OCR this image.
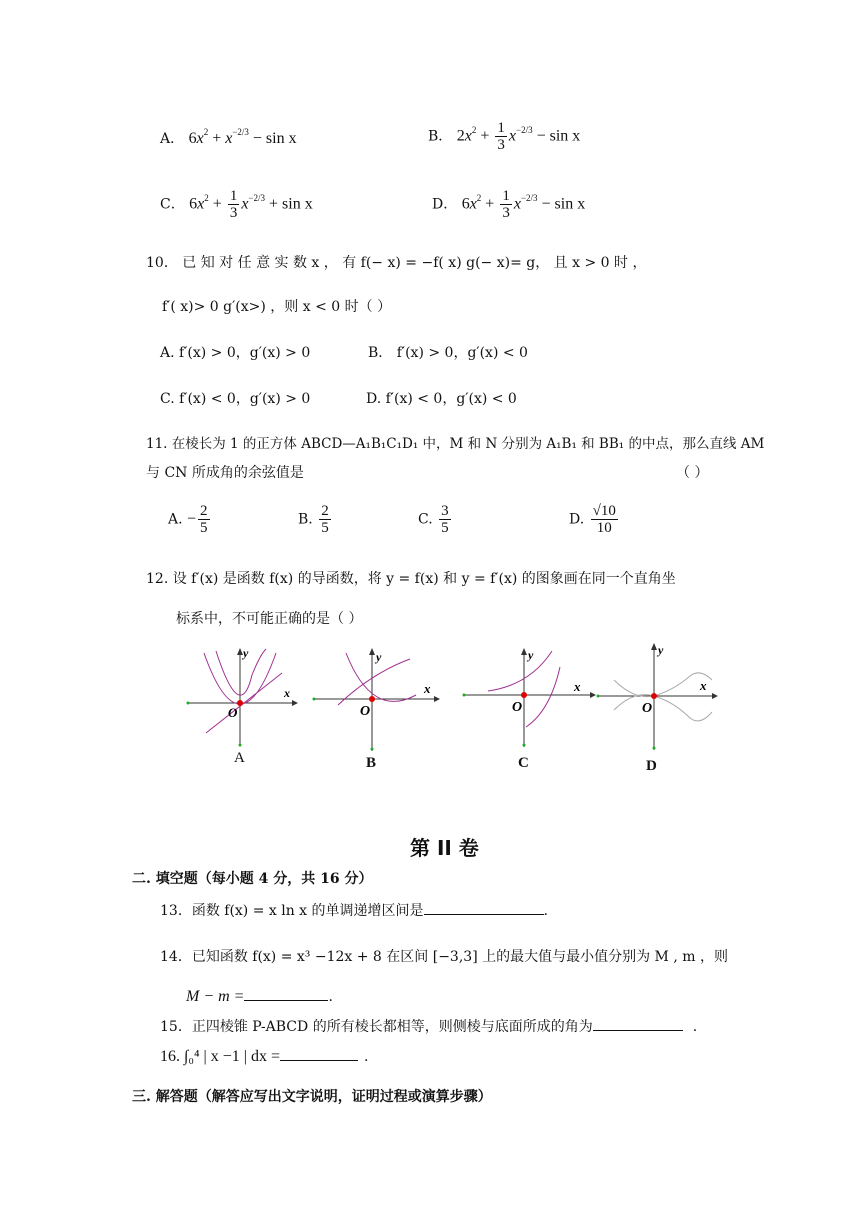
A． $6x^2 + x^{-2/3} - \sin x$	B． $2x^2 + \frac{1}{3} x^{-2/3} - \sin x$
C． $6x^2 + \frac{1}{3} x^{-2/3} + \sin x$	D． $6x^2 + \frac{1}{3} x^{-2/3} - \sin x$
10． 已 知 对 任 意 实 数 x ， 有 f(− x) = −f( x) g(− x)= g， 且 x > 0 时 ，
f′( x)> 0 g′(x>) ，则 x < 0 时（ ）
A. f′(x) > 0，g′(x) > 0	B． f′(x) > 0，g′(x) < 0
C. f′(x) < 0，g′(x) > 0	D. f′(x) < 0，g′(x) < 0
11. 在棱长为 1 的正方体 ABCD—A₁B₁C₁D₁ 中，M 和 N 分别为 A₁B₁ 和 BB₁ 的中点，那么直线 AM
与 CN 所成角的余弦值是	（ ）
A. − $\frac{2}{5}$	B. $\frac{2}{5}$	C. $\frac{3}{5}$	D. $\frac{√10}{10}$
12. 设 f′(x) 是函数 f(x) 的导函数，将 y = f(x) 和 y = f′(x) 的图象画在同一个直角坐
标系中，不可能正确的是（ ）
y
x
O
A
y
x
O
B
y
x
O
C
y
x
O
D
第 II 卷
二. 填空题（每小题 4 分，共 16 分）
13．函数 f(x) = x ln x 的单调递增区间是	.
14．已知函数 f(x) = x³ −12x + 8 在区间 [−3,3] 上的最大值与最小值分别为 M , m ，则
M − m =	.
15．正四棱锥 P-ABCD 的所有棱长都相等，则侧棱与底面所成的角为	.
16. ∫₀⁴ | x −1 | dx =	.
三. 解答题（解答应写出文字说明，证明过程或演算步骤）
